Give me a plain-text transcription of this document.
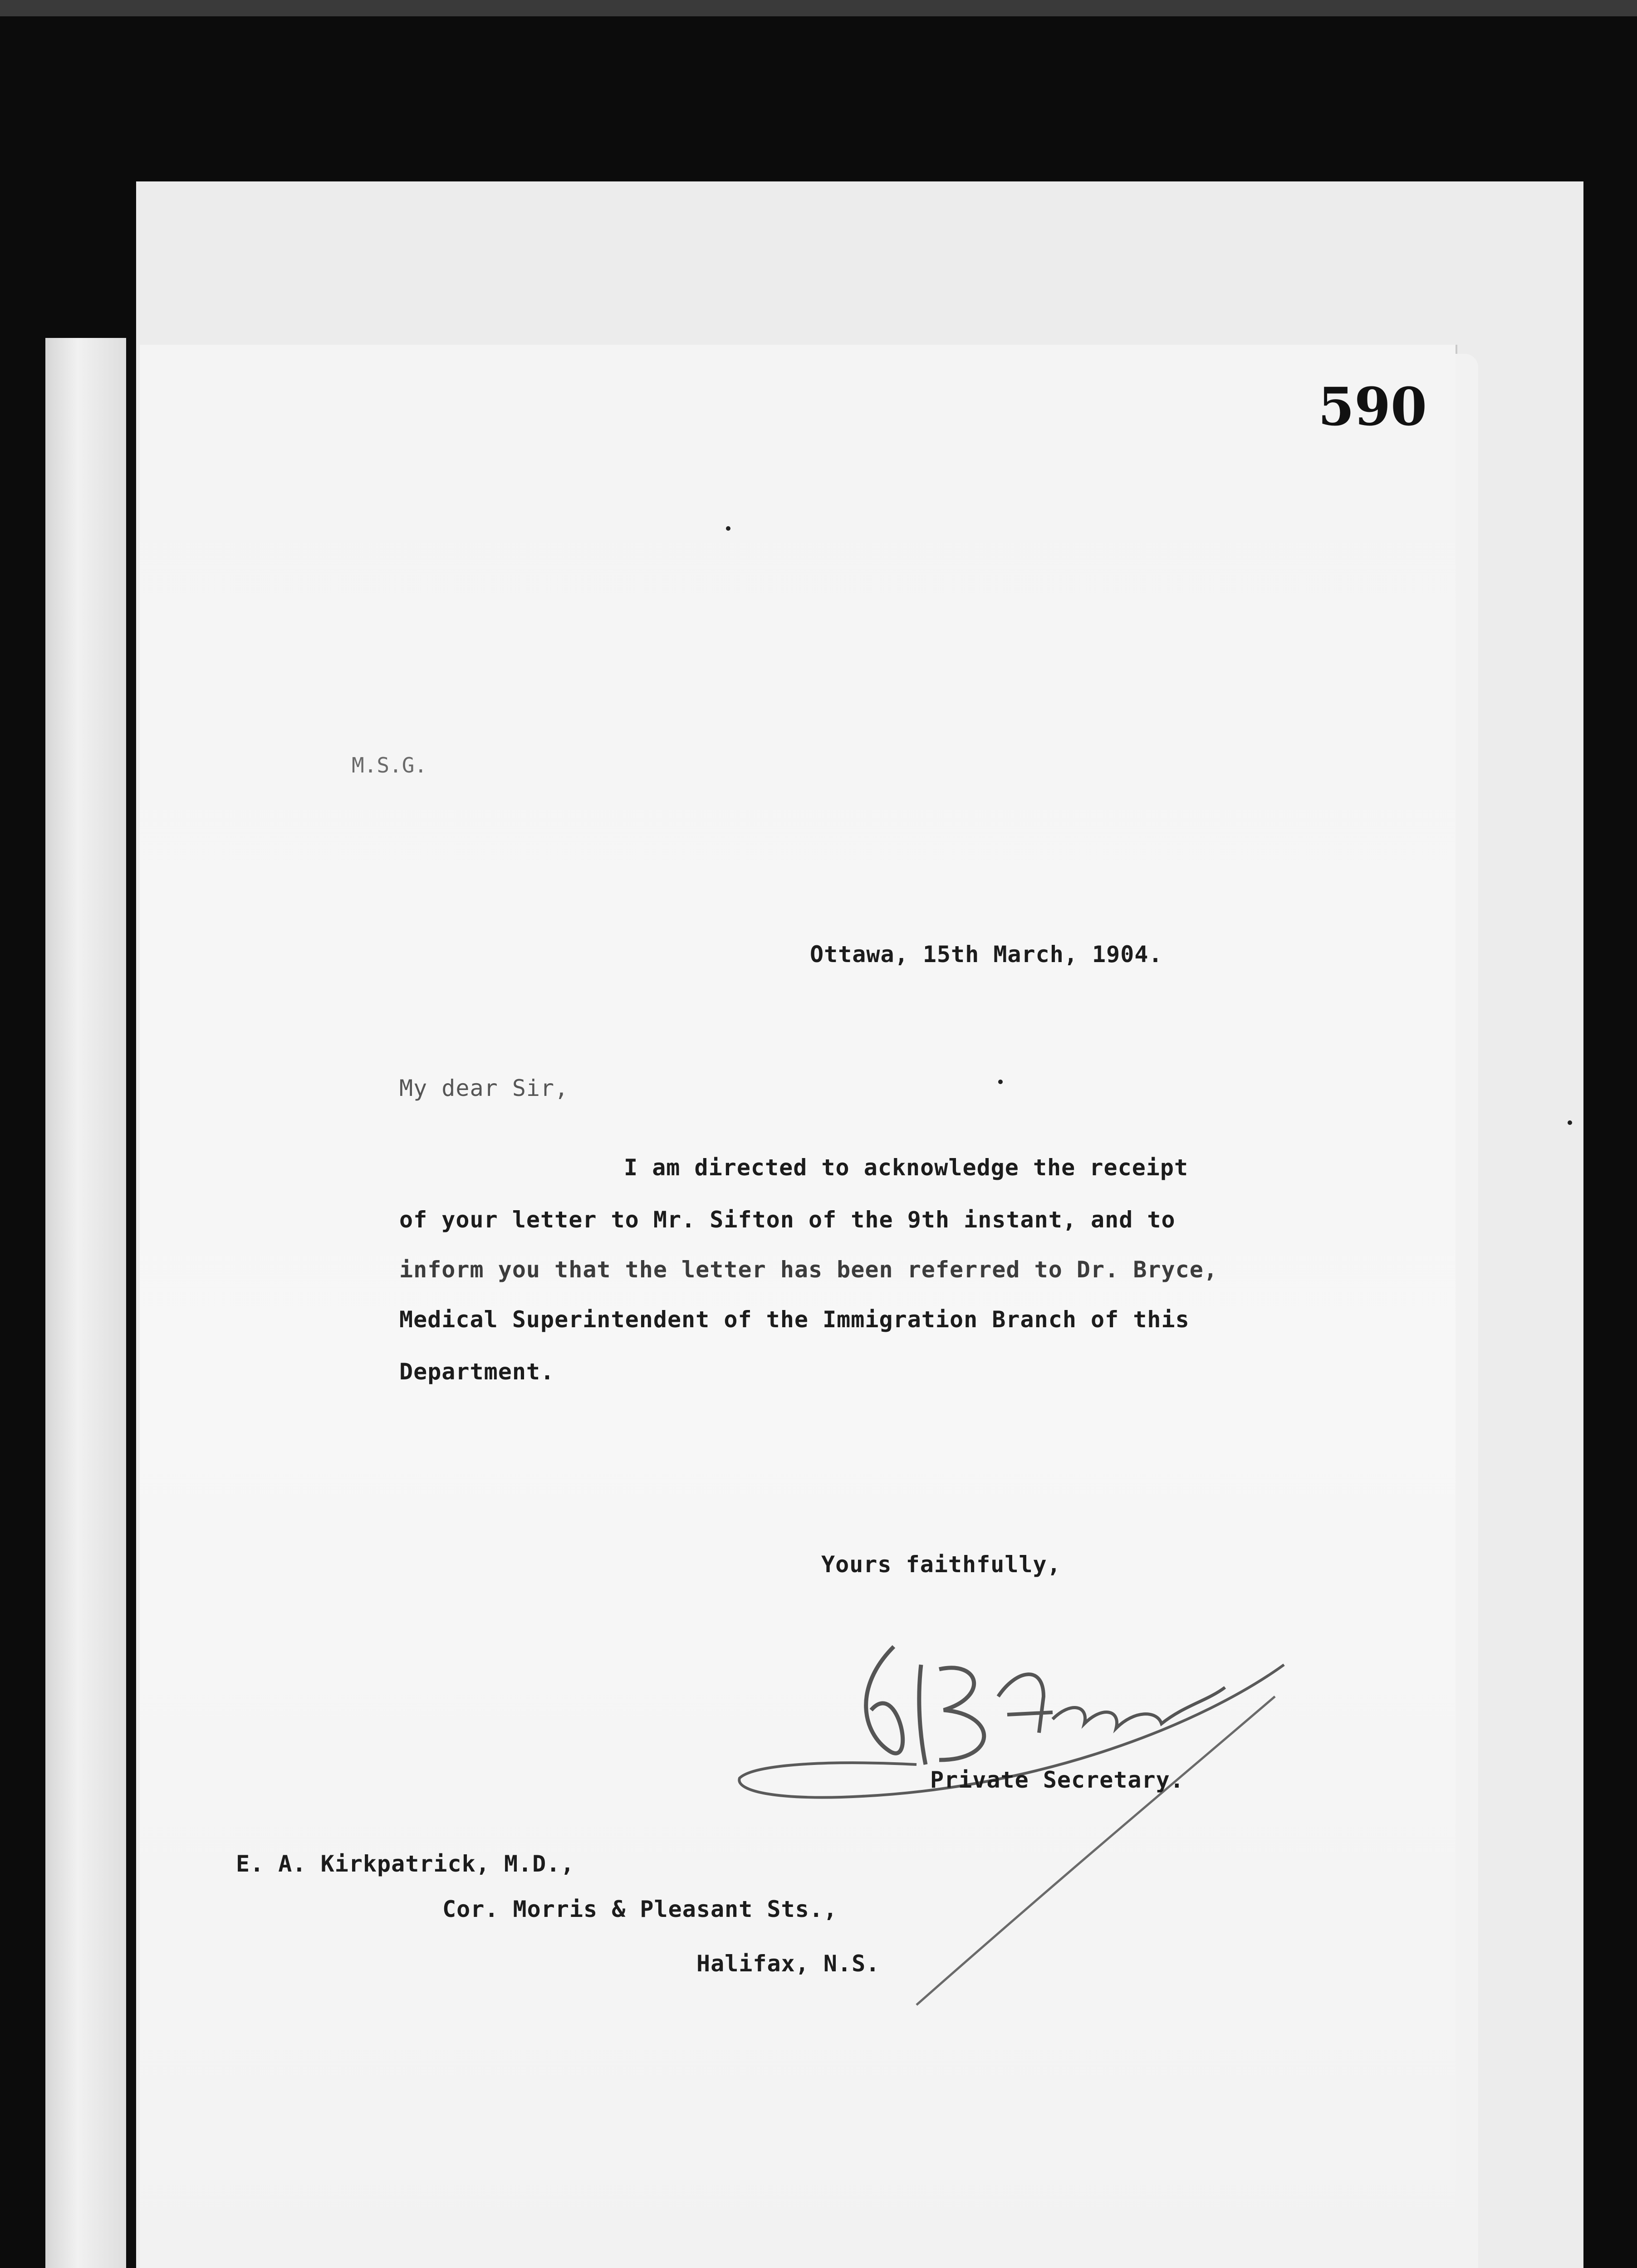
590
M.S.G.
Ottawa, 15th March, 1904.
My dear Sir,
I am directed to acknowledge the receipt
of your letter to Mr. Sifton of the 9th instant, and to
inform you that the letter has been referred to Dr. Bryce,
Medical Superintendent of the Immigration Branch of this
Department.
Yours faithfully,
Private Secretary.
E. A. Kirkpatrick, M.D.,
Cor. Morris & Pleasant Sts.,
Halifax, N.S.
